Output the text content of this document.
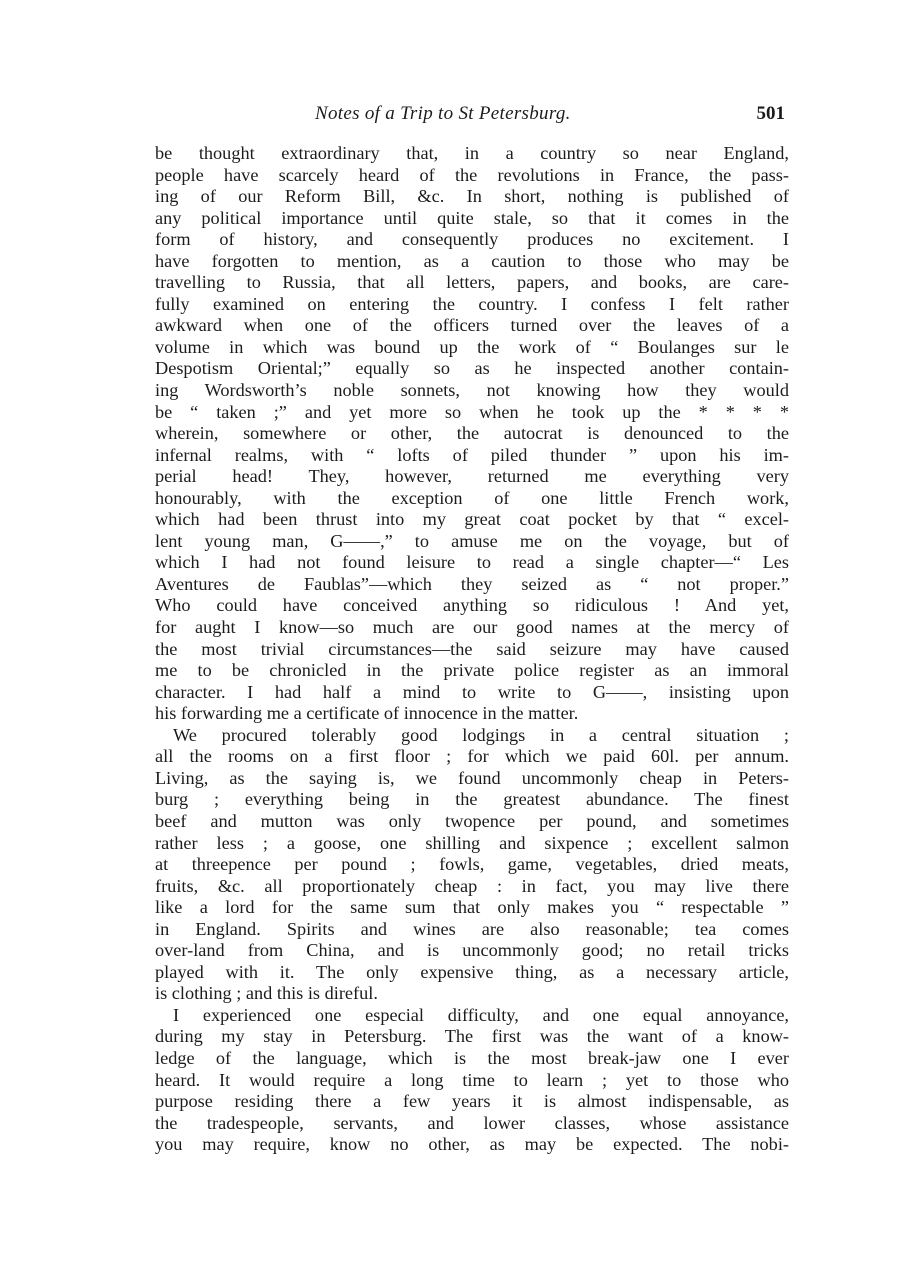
Notes of a Trip to St Petersburg.	501
be thought extraordinary that, in a country so near England,
people have scarcely heard of the revolutions in France, the pass-
ing of our Reform Bill, &c. In short, nothing is published of
any political importance until quite stale, so that it comes in the
form of history, and consequently produces no excitement. I
have forgotten to mention, as a caution to those who may be
travelling to Russia, that all letters, papers, and books, are care-
fully examined on entering the country. I confess I felt rather
awkward when one of the officers turned over the leaves of a
volume in which was bound up the work of “ Boulanges sur le
Despotism Oriental;” equally so as he inspected another contain-
ing Wordsworth’s noble sonnets, not knowing how they would
be “ taken ;” and yet more so when he took up the * * * *
wherein, somewhere or other, the autocrat is denounced to the
infernal realms, with “ lofts of piled thunder ” upon his im-
perial head! They, however, returned me everything very
honourably, with the exception of one little French work,
which had been thrust into my great coat pocket by that “ excel-
lent young man, G——,” to amuse me on the voyage, but of
which I had not found leisure to read a single chapter—“ Les
Aventures de Faublas”—which they seized as “ not proper.”
Who could have conceived anything so ridiculous ! And yet,
for aught I know—so much are our good names at the mercy of
the most trivial circumstances—the said seizure may have caused
me to be chronicled in the private police register as an immoral
character. I had half a mind to write to G——, insisting upon
his forwarding me a certificate of innocence in the matter.
We procured tolerably good lodgings in a central situation ;
all the rooms on a first floor ; for which we paid 60l. per annum.
Living, as the saying is, we found uncommonly cheap in Peters-
burg ; everything being in the greatest abundance. The finest
beef and mutton was only twopence per pound, and sometimes
rather less ; a goose, one shilling and sixpence ; excellent salmon
at threepence per pound ; fowls, game, vegetables, dried meats,
fruits, &c. all proportionately cheap : in fact, you may live there
like a lord for the same sum that only makes you “ respectable ”
in England. Spirits and wines are also reasonable; tea comes
over-land from China, and is uncommonly good; no retail tricks
played with it. The only expensive thing, as a necessary article,
is clothing ; and this is direful.
I experienced one especial difficulty, and one equal annoyance,
during my stay in Petersburg. The first was the want of a know-
ledge of the language, which is the most break-jaw one I ever
heard. It would require a long time to learn ; yet to those who
purpose residing there a few years it is almost indispensable, as
the tradespeople, servants, and lower classes, whose assistance
you may require, know no other, as may be expected. The nobi-
